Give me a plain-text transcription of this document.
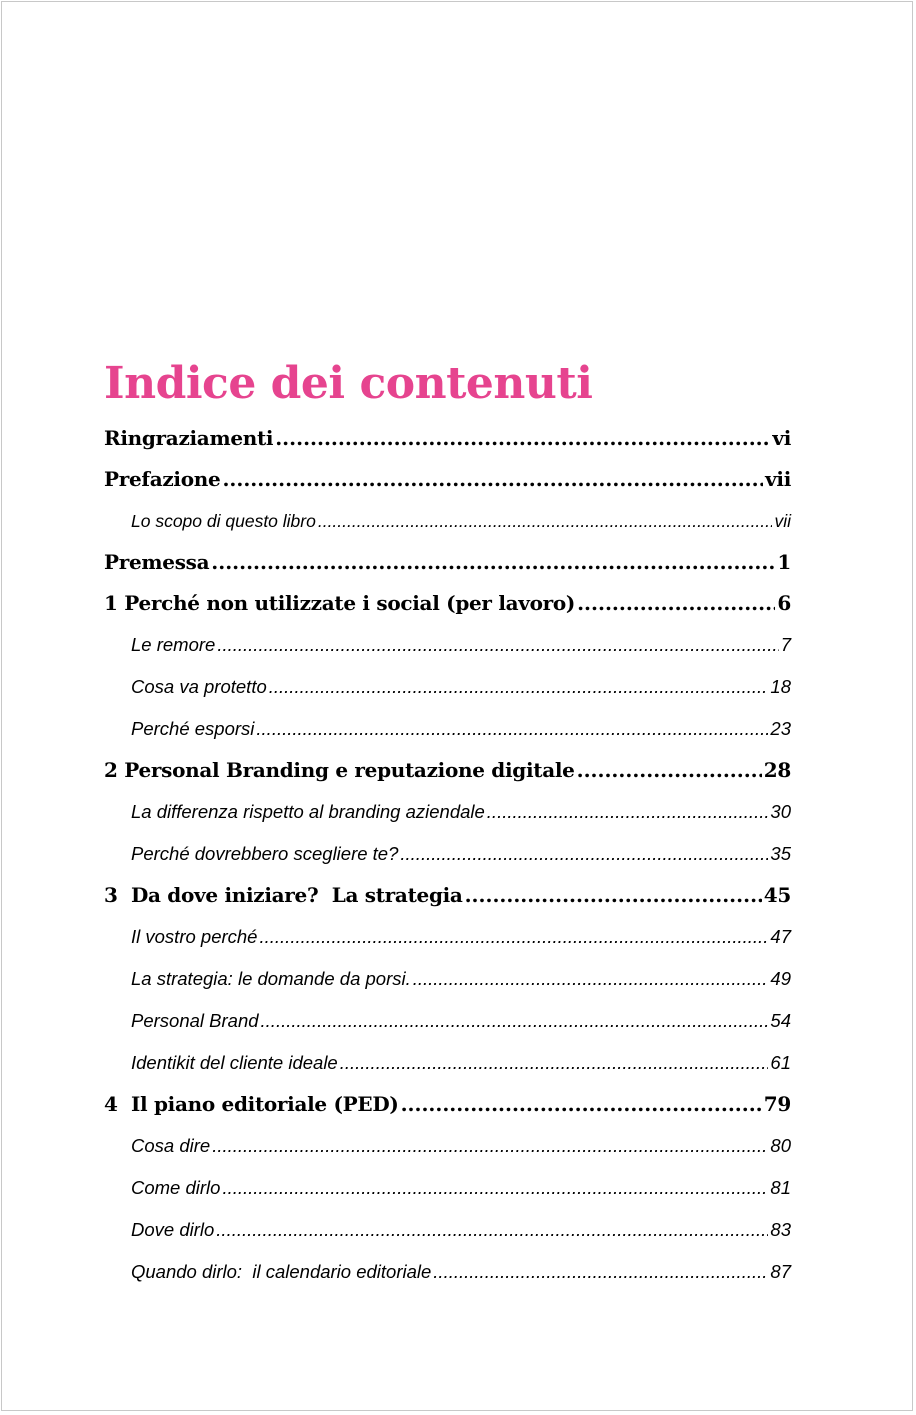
Indice dei contenuti
Ringraziamenti .....	vi
Prefazione .....	vii
Lo scopo di questo libro .....	vii
Premessa .....	1
1 Perché non utilizzate i social (per lavoro) .....	6
Le remore .....	7
Cosa va protetto .....	18
Perché esporsi .....	23
2 Personal Branding e reputazione digitale .....	28
La differenza rispetto al branding aziendale .....	30
Perché dovrebbero scegliere te? .....	35
3  Da dove iniziare?  La strategia .....	45
Il vostro perché .....	47
La strategia: le domande da porsi. .....	49
Personal Brand .....	54
Identikit del cliente ideale .....	61
4  Il piano editoriale (PED) .....	79
Cosa dire .....	80
Come dirlo .....	81
Dove dirlo .....	83
Quando dirlo:  il calendario editoriale .....	87
